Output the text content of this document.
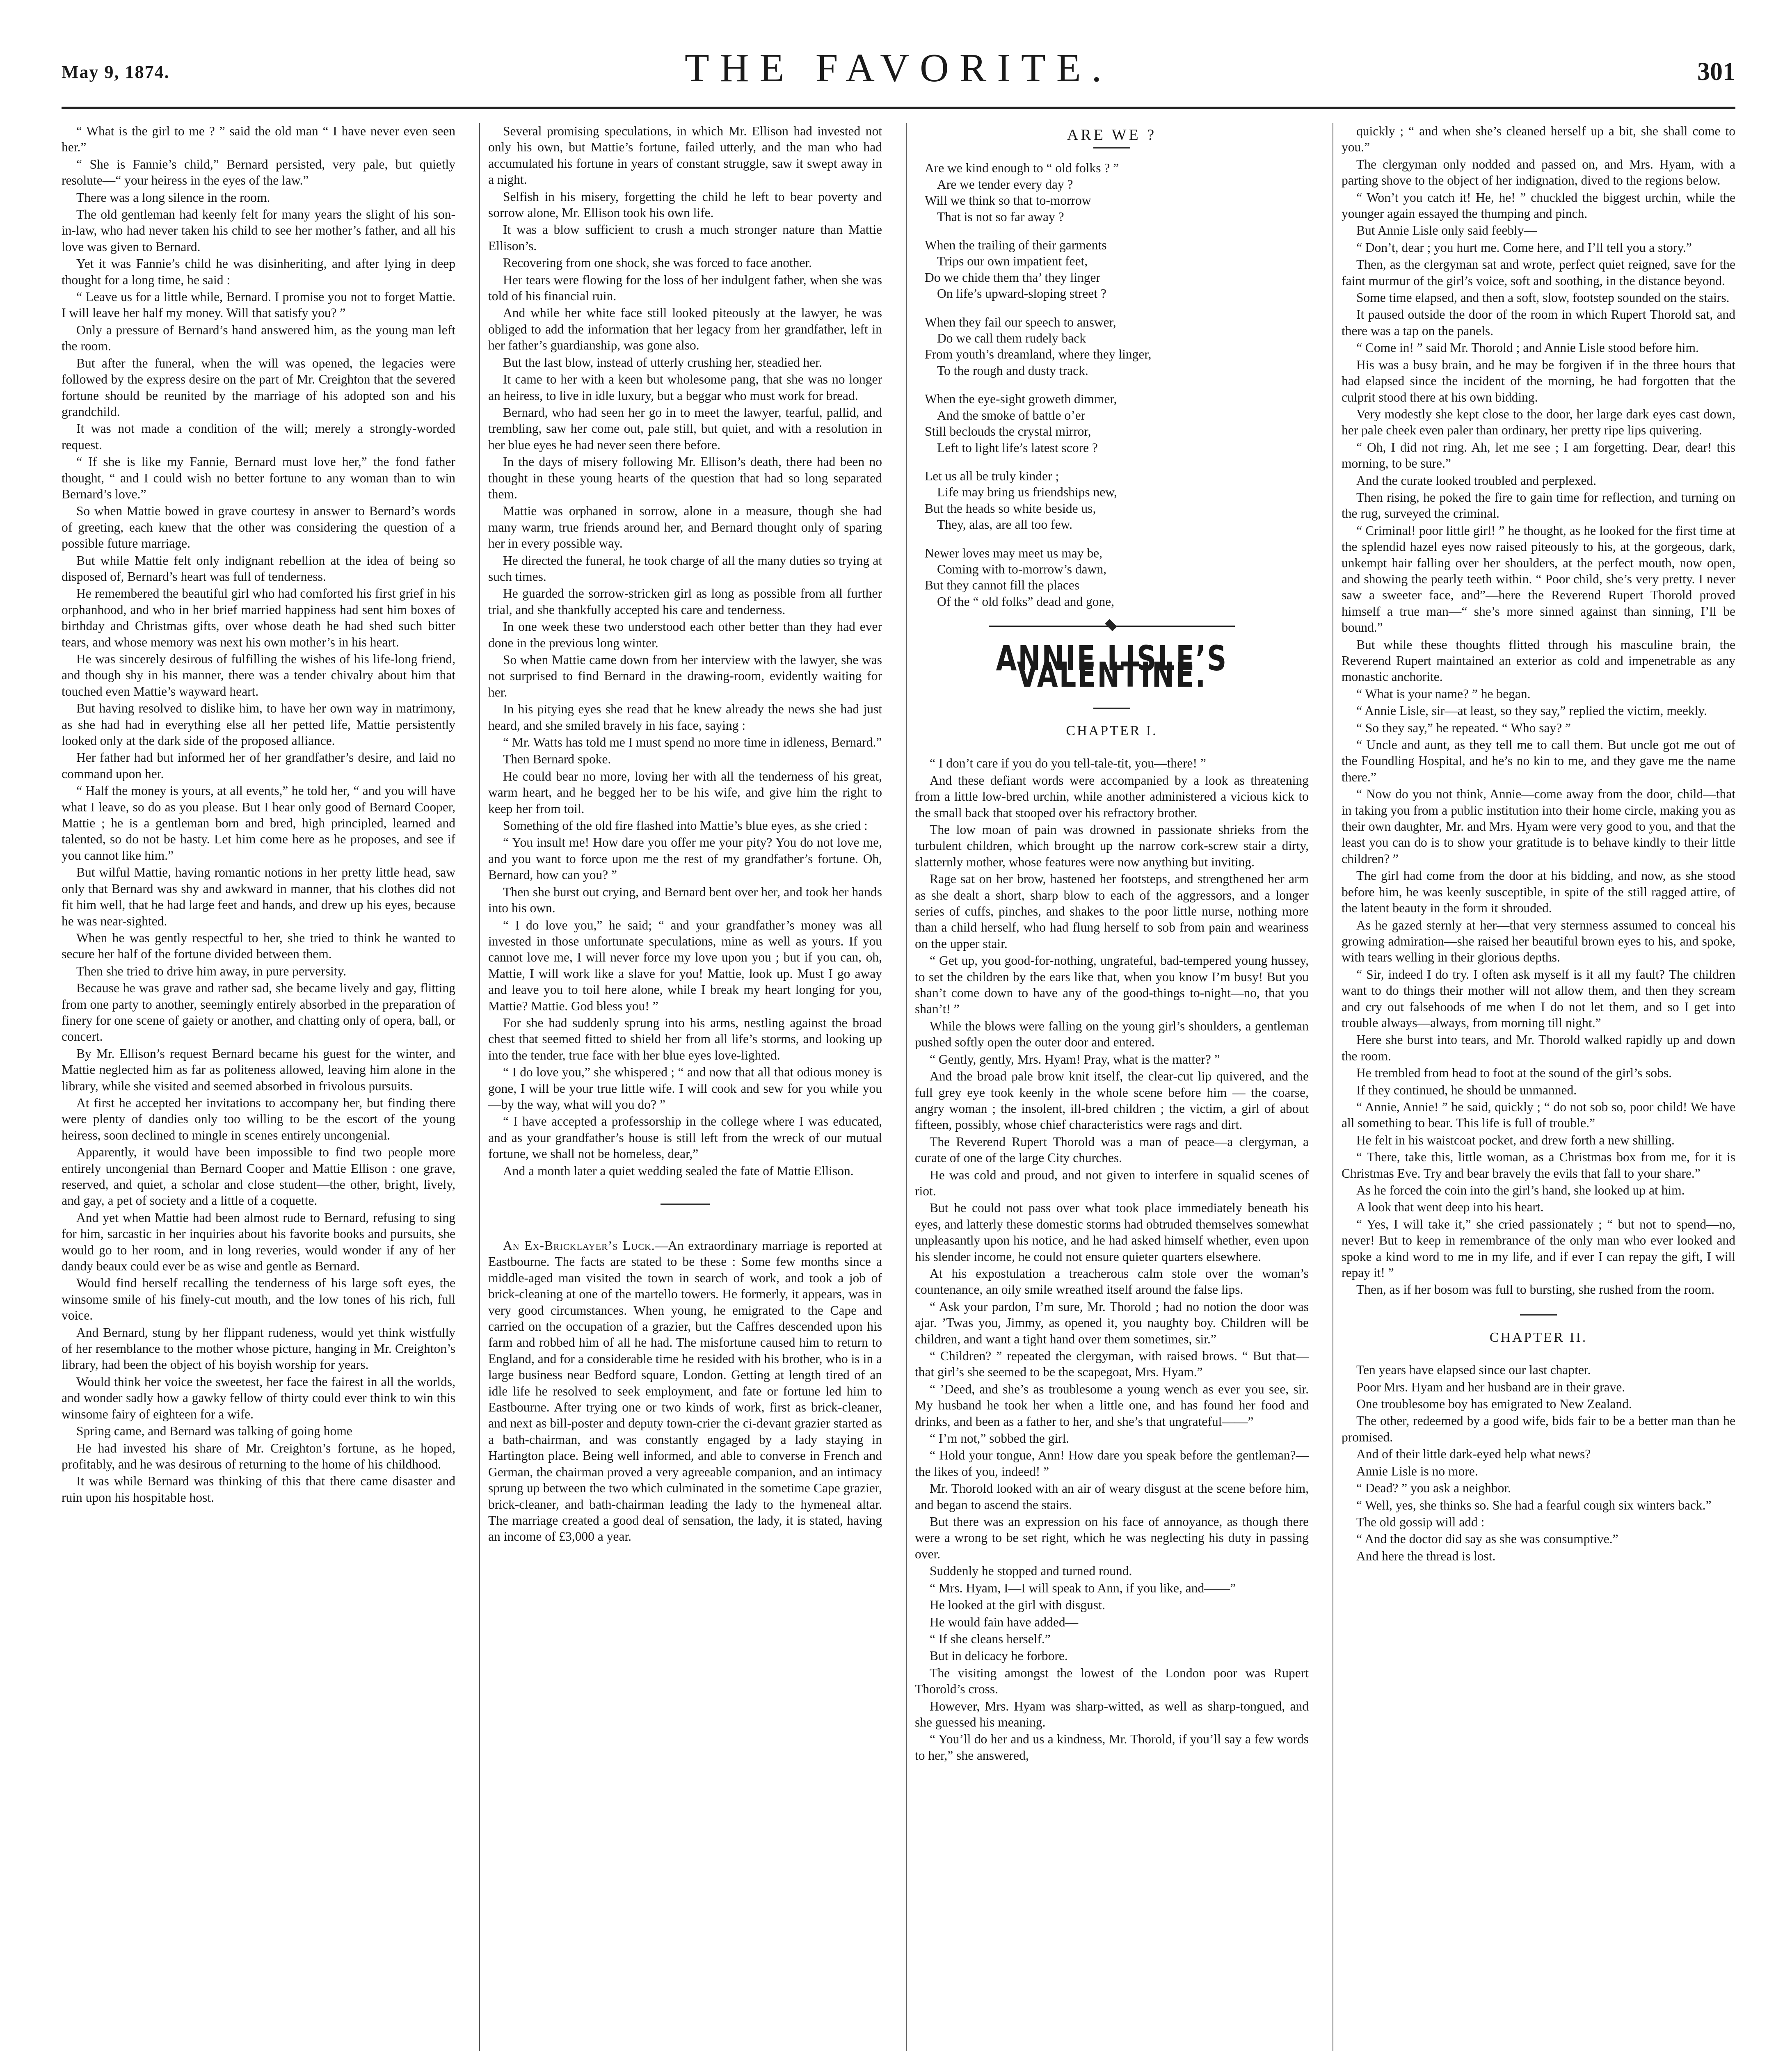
May 9, 1874.	THE FAVORITE.	301

“ What is the girl to me ? ” said the old man “ I have never even seen her.”

“ She is Fannie’s child,” Bernard persisted, very pale, but quietly resolute—“ your heiress in the eyes of the law.”

There was a long silence in the room.

The old gentleman had keenly felt for many years the slight of his son-in-law, who had never taken his child to see her mother’s father, and all his love was given to Bernard.

Yet it was Fannie’s child he was disinheriting, and after lying in deep thought for a long time, he said :

“ Leave us for a little while, Bernard. I promise you not to forget Mattie. I will leave her half my money. Will that satisfy you? ”

Only a pressure of Bernard’s hand answered him, as the young man left the room.

But after the funeral, when the will was opened, the legacies were followed by the express desire on the part of Mr. Creighton that the severed fortune should be reunited by the marriage of his adopted son and his grandchild.

It was not made a condition of the will; merely a strongly-worded request.

“ If she is like my Fannie, Bernard must love her,” the fond father thought, “ and I could wish no better fortune to any woman than to win Bernard’s love.”

So when Mattie bowed in grave courtesy in answer to Bernard’s words of greeting, each knew that the other was considering the question of a possible future marriage.

But while Mattie felt only indignant rebellion at the idea of being so disposed of, Bernard’s heart was full of tenderness.

He remembered the beautiful girl who had comforted his first grief in his orphanhood, and who in her brief married happiness had sent him boxes of birthday and Christmas gifts, over whose death he had shed such bitter tears, and whose memory was next his own mother’s in his heart.

He was sincerely desirous of fulfilling the wishes of his life-long friend, and though shy in his manner, there was a tender chivalry about him that touched even Mattie’s wayward heart.

But having resolved to dislike him, to have her own way in matrimony, as she had had in everything else all her petted life, Mattie persistently looked only at the dark side of the proposed alliance.

Her father had but informed her of her grandfather’s desire, and laid no command upon her.

“ Half the money is yours, at all events,” he told her, “ and you will have what I leave, so do as you please. But I hear only good of Bernard Cooper, Mattie ; he is a gentleman born and bred, high principled, learned and talented, so do not be hasty. Let him come here as he proposes, and see if you cannot like him.”

But wilful Mattie, having romantic notions in her pretty little head, saw only that Bernard was shy and awkward in manner, that his clothes did not fit him well, that he had large feet and hands, and drew up his eyes, because he was near-sighted.

When he was gently respectful to her, she tried to think he wanted to secure her half of the fortune divided between them.

Then she tried to drive him away, in pure perversity.

Because he was grave and rather sad, she became lively and gay, flitting from one party to another, seemingly entirely absorbed in the preparation of finery for one scene of gaiety or another, and chatting only of opera, ball, or concert.

By Mr. Ellison’s request Bernard became his guest for the winter, and Mattie neglected him as far as politeness allowed, leaving him alone in the library, while she visited and seemed absorbed in frivolous pursuits.

At first he accepted her invitations to accompany her, but finding there were plenty of dandies only too willing to be the escort of the young heiress, soon declined to mingle in scenes entirely uncongenial.

Apparently, it would have been impossible to find two people more entirely uncongenial than Bernard Cooper and Mattie Ellison : one grave, reserved, and quiet, a scholar and close student—the other, bright, lively, and gay, a pet of society and a little of a coquette.

And yet when Mattie had been almost rude to Bernard, refusing to sing for him, sarcastic in her inquiries about his favorite books and pursuits, she would go to her room, and in long reveries, would wonder if any of her dandy beaux could ever be as wise and gentle as Bernard.

Would find herself recalling the tenderness of his large soft eyes, the winsome smile of his finely-cut mouth, and the low tones of his rich, full voice.

And Bernard, stung by her flippant rudeness, would yet think wistfully of her resemblance to the mother whose picture, hanging in Mr. Creighton’s library, had been the object of his boyish worship for years.

Would think her voice the sweetest, her face the fairest in all the worlds, and wonder sadly how a gawky fellow of thirty could ever think to win this winsome fairy of eighteen for a wife.

Spring came, and Bernard was talking of going home

He had invested his share of Mr. Creighton’s fortune, as he hoped, profitably, and he was desirous of returning to the home of his childhood.

It was while Bernard was thinking of this that there came disaster and ruin upon his hospitable host.

Several promising speculations, in which Mr. Ellison had invested not only his own, but Mattie’s fortune, failed utterly, and the man who had accumulated his fortune in years of constant struggle, saw it swept away in a night.

Selfish in his misery, forgetting the child he left to bear poverty and sorrow alone, Mr. Ellison took his own life.

It was a blow sufficient to crush a much stronger nature than Mattie Ellison’s.

Recovering from one shock, she was forced to face another.

Her tears were flowing for the loss of her indulgent father, when she was told of his financial ruin.

And while her white face still looked piteously at the lawyer, he was obliged to add the information that her legacy from her grandfather, left in her father’s guardianship, was gone also.

But the last blow, instead of utterly crushing her, steadied her.

It came to her with a keen but wholesome pang, that she was no longer an heiress, to live in idle luxury, but a beggar who must work for bread.

Bernard, who had seen her go in to meet the lawyer, tearful, pallid, and trembling, saw her come out, pale still, but quiet, and with a resolution in her blue eyes he had never seen there before.

In the days of misery following Mr. Ellison’s death, there had been no thought in these young hearts of the question that had so long separated them.

Mattie was orphaned in sorrow, alone in a measure, though she had many warm, true friends around her, and Bernard thought only of sparing her in every possible way.

He directed the funeral, he took charge of all the many duties so trying at such times.

He guarded the sorrow-stricken girl as long as possible from all further trial, and she thankfully accepted his care and tenderness.

In one week these two understood each other better than they had ever done in the previous long winter.

So when Mattie came down from her interview with the lawyer, she was not surprised to find Bernard in the drawing-room, evidently waiting for her.

In his pitying eyes she read that he knew already the news she had just heard, and she smiled bravely in his face, saying :

“ Mr. Watts has told me I must spend no more time in idleness, Bernard.”

Then Bernard spoke.

He could bear no more, loving her with all the tenderness of his great, warm heart, and he begged her to be his wife, and give him the right to keep her from toil.

Something of the old fire flashed into Mattie’s blue eyes, as she cried :

“ You insult me! How dare you offer me your pity? You do not love me, and you want to force upon me the rest of my grandfather’s fortune. Oh, Bernard, how can you? ”

Then she burst out crying, and Bernard bent over her, and took her hands into his own.

“ I do love you,” he said; “ and your grandfather’s money was all invested in those unfortunate speculations, mine as well as yours. If you cannot love me, I will never force my love upon you ; but if you can, oh, Mattie, I will work like a slave for you! Mattie, look up. Must I go away and leave you to toil here alone, while I break my heart longing for you, Mattie? Mattie. God bless you! ”

For she had suddenly sprung into his arms, nestling against the broad chest that seemed fitted to shield her from all life’s storms, and looking up into the tender, true face with her blue eyes love-lighted.

“ I do love you,” she whispered ; “ and now that all that odious money is gone, I will be your true little wife. I will cook and sew for you while you—by the way, what will you do? ”

“ I have accepted a professorship in the college where I was educated, and as your grandfather’s house is still left from the wreck of our mutual fortune, we shall not be homeless, dear,”

And a month later a quiet wedding sealed the fate of Mattie Ellison.

An Ex-Bricklayer’s Luck.—An extraordinary marriage is reported at Eastbourne. The facts are stated to be these : Some few months since a middle-aged man visited the town in search of work, and took a job of brick-cleaning at one of the martello towers. He formerly, it appears, was in very good circumstances. When young, he emigrated to the Cape and carried on the occupation of a grazier, but the Caffres descended upon his farm and robbed him of all he had. The misfortune caused him to return to England, and for a considerable time he resided with his brother, who is in a large business near Bedford square, London. Getting at length tired of an idle life he resolved to seek employment, and fate or fortune led him to Eastbourne. After trying one or two kinds of work, first as brick-cleaner, and next as bill-poster and deputy town-crier the ci-devant grazier started as a bath-chairman, and was constantly engaged by a lady staying in Hartington place. Being well informed, and able to converse in French and German, the chairman proved a very agreeable companion, and an intimacy sprung up between the two which culminated in the sometime Cape grazier, brick-cleaner, and bath-chairman leading the lady to the hymeneal altar. The marriage created a good deal of sensation, the lady, it is stated, having an income of £3,000 a year.

ARE WE ?
Are we kind enough to “ old folks ? ”
Are we tender every day ?
Will we think so that to-morrow
That is not so far away ?
When the trailing of their garments
Trips our own impatient feet,
Do we chide them tha’ they linger
On life’s upward-sloping street ?
When they fail our speech to answer,
Do we call them rudely back
From youth’s dreamland, where they linger,
To the rough and dusty track.
When the eye-sight groweth dimmer,
And the smoke of battle o’er
Still beclouds the crystal mirror,
Left to light life’s latest score ?
Let us all be truly kinder ;
Life may bring us friendships new,
But the heads so white beside us,
They, alas, are all too few.
Newer loves may meet us may be,
Coming with to-morrow’s dawn,
But they cannot fill the places
Of the “ old folks” dead and gone,
ANNIE LISLE’S VALENTINE.
CHAPTER I.

“ I don’t care if you do you tell-tale-tit, you—there! ”

And these defiant words were accompanied by a look as threatening from a little low-bred urchin, while another administered a vicious kick to the small back that stooped over his refractory brother.

The low moan of pain was drowned in passionate shrieks from the turbulent children, which brought up the narrow cork-screw stair a dirty, slatternly mother, whose features were now anything but inviting.

Rage sat on her brow, hastened her footsteps, and strengthened her arm as she dealt a short, sharp blow to each of the aggressors, and a longer series of cuffs, pinches, and shakes to the poor little nurse, nothing more than a child herself, who had flung herself to sob from pain and weariness on the upper stair.

“ Get up, you good-for-nothing, ungrateful, bad-tempered young hussey, to set the children by the ears like that, when you know I’m busy! But you shan’t come down to have any of the good-things to-night—no, that you shan’t! ”

While the blows were falling on the young girl’s shoulders, a gentleman pushed softly open the outer door and entered.

“ Gently, gently, Mrs. Hyam! Pray, what is the matter? ”

And the broad pale brow knit itself, the clear-cut lip quivered, and the full grey eye took keenly in the whole scene before him — the coarse, angry woman ; the insolent, ill-bred children ; the victim, a girl of about fifteen, possibly, whose chief characteristics were rags and dirt.

The Reverend Rupert Thorold was a man of peace—a clergyman, a curate of one of the large City churches.

He was cold and proud, and not given to interfere in squalid scenes of riot.

But he could not pass over what took place immediately beneath his eyes, and latterly these domestic storms had obtruded themselves somewhat unpleasantly upon his notice, and he had asked himself whether, even upon his slender income, he could not ensure quieter quarters elsewhere.

At his expostulation a treacherous calm stole over the woman’s countenance, an oily smile wreathed itself around the false lips.

“ Ask your pardon, I’m sure, Mr. Thorold ; had no notion the door was ajar. ’Twas you, Jimmy, as opened it, you naughty boy. Children will be children, and want a tight hand over them sometimes, sir.”

“ Children? ” repeated the clergyman, with raised brows. “ But that—that girl’s she seemed to be the scapegoat, Mrs. Hyam.”

“ ’Deed, and she’s as troublesome a young wench as ever you see, sir. My husband he took her when a little one, and has found her food and drinks, and been as a father to her, and she’s that ungrateful——”

“ I’m not,” sobbed the girl.

“ Hold your tongue, Ann! How dare you speak before the gentleman?—the likes of you, indeed! ”

Mr. Thorold looked with an air of weary disgust at the scene before him, and began to ascend the stairs.

But there was an expression on his face of annoyance, as though there were a wrong to be set right, which he was neglecting his duty in passing over.

Suddenly he stopped and turned round.

“ Mrs. Hyam, I—I will speak to Ann, if you like, and——”

He looked at the girl with disgust.

He would fain have added—

“ If she cleans herself.”

But in delicacy he forbore.

The visiting amongst the lowest of the London poor was Rupert Thorold’s cross.

However, Mrs. Hyam was sharp-witted, as well as sharp-tongued, and she guessed his meaning.

“ You’ll do her and us a kindness, Mr. Thorold, if you’ll say a few words to her,” she answered,

quickly ; “ and when she’s cleaned herself up a bit, she shall come to you.”

The clergyman only nodded and passed on, and Mrs. Hyam, with a parting shove to the object of her indignation, dived to the regions below.

“ Won’t you catch it! He, he! ” chuckled the biggest urchin, while the younger again essayed the thumping and pinch.

But Annie Lisle only said feebly—

“ Don’t, dear ; you hurt me. Come here, and I’ll tell you a story.”

Then, as the clergyman sat and wrote, perfect quiet reigned, save for the faint murmur of the girl’s voice, soft and soothing, in the distance beyond.

Some time elapsed, and then a soft, slow, footstep sounded on the stairs.

It paused outside the door of the room in which Rupert Thorold sat, and there was a tap on the panels.

“ Come in! ” said Mr. Thorold ; and Annie Lisle stood before him.

His was a busy brain, and he may be forgiven if in the three hours that had elapsed since the incident of the morning, he had forgotten that the culprit stood there at his own bidding.

Very modestly she kept close to the door, her large dark eyes cast down, her pale cheek even paler than ordinary, her pretty ripe lips quivering.

“ Oh, I did not ring. Ah, let me see ; I am forgetting. Dear, dear! this morning, to be sure.”

And the curate looked troubled and perplexed.

Then rising, he poked the fire to gain time for reflection, and turning on the rug, surveyed the criminal.

“ Criminal! poor little girl! ” he thought, as he looked for the first time at the splendid hazel eyes now raised piteously to his, at the gorgeous, dark, unkempt hair falling over her shoulders, at the perfect mouth, now open, and showing the pearly teeth within. “ Poor child, she’s very pretty. I never saw a sweeter face, and”—here the Reverend Rupert Thorold proved himself a true man—“ she’s more sinned against than sinning, I’ll be bound.”

But while these thoughts flitted through his masculine brain, the Reverend Rupert maintained an exterior as cold and impenetrable as any monastic anchorite.

“ What is your name? ” he began.

“ Annie Lisle, sir—at least, so they say,” replied the victim, meekly.

“ So they say,” he repeated. “ Who say? ”

“ Uncle and aunt, as they tell me to call them. But uncle got me out of the Foundling Hospital, and he’s no kin to me, and they gave me the name there.”

“ Now do you not think, Annie—come away from the door, child—that in taking you from a public institution into their home circle, making you as their own daughter, Mr. and Mrs. Hyam were very good to you, and that the least you can do is to show your gratitude is to behave kindly to their little children? ”

The girl had come from the door at his bidding, and now, as she stood before him, he was keenly susceptible, in spite of the still ragged attire, of the latent beauty in the form it shrouded.

As he gazed sternly at her—that very sternness assumed to conceal his growing admiration—she raised her beautiful brown eyes to his, and spoke, with tears welling in their glorious depths.

“ Sir, indeed I do try. I often ask myself is it all my fault? The children want to do things their mother will not allow them, and then they scream and cry out falsehoods of me when I do not let them, and so I get into trouble always—always, from morning till night.”

Here she burst into tears, and Mr. Thorold walked rapidly up and down the room.

He trembled from head to foot at the sound of the girl’s sobs.

If they continued, he should be unmanned.

“ Annie, Annie! ” he said, quickly ; “ do not sob so, poor child! We have all something to bear. This life is full of trouble.”

He felt in his waistcoat pocket, and drew forth a new shilling.

“ There, take this, little woman, as a Christmas box from me, for it is Christmas Eve. Try and bear bravely the evils that fall to your share.”

As he forced the coin into the girl’s hand, she looked up at him.

A look that went deep into his heart.

“ Yes, I will take it,” she cried passionately ; “ but not to spend—no, never! But to keep in remembrance of the only man who ever looked and spoke a kind word to me in my life, and if ever I can repay the gift, I will repay it! ”

Then, as if her bosom was full to bursting, she rushed from the room.

CHAPTER II.

Ten years have elapsed since our last chapter.

Poor Mrs. Hyam and her husband are in their grave.

One troublesome boy has emigrated to New Zealand.

The other, redeemed by a good wife, bids fair to be a better man than he promised.

And of their little dark-eyed help what news?

Annie Lisle is no more.

“ Dead? ” you ask a neighbor.

“ Well, yes, she thinks so. She had a fearful cough six winters back.”

The old gossip will add :

“ And the doctor did say as she was consumptive.”

And here the thread is lost.
